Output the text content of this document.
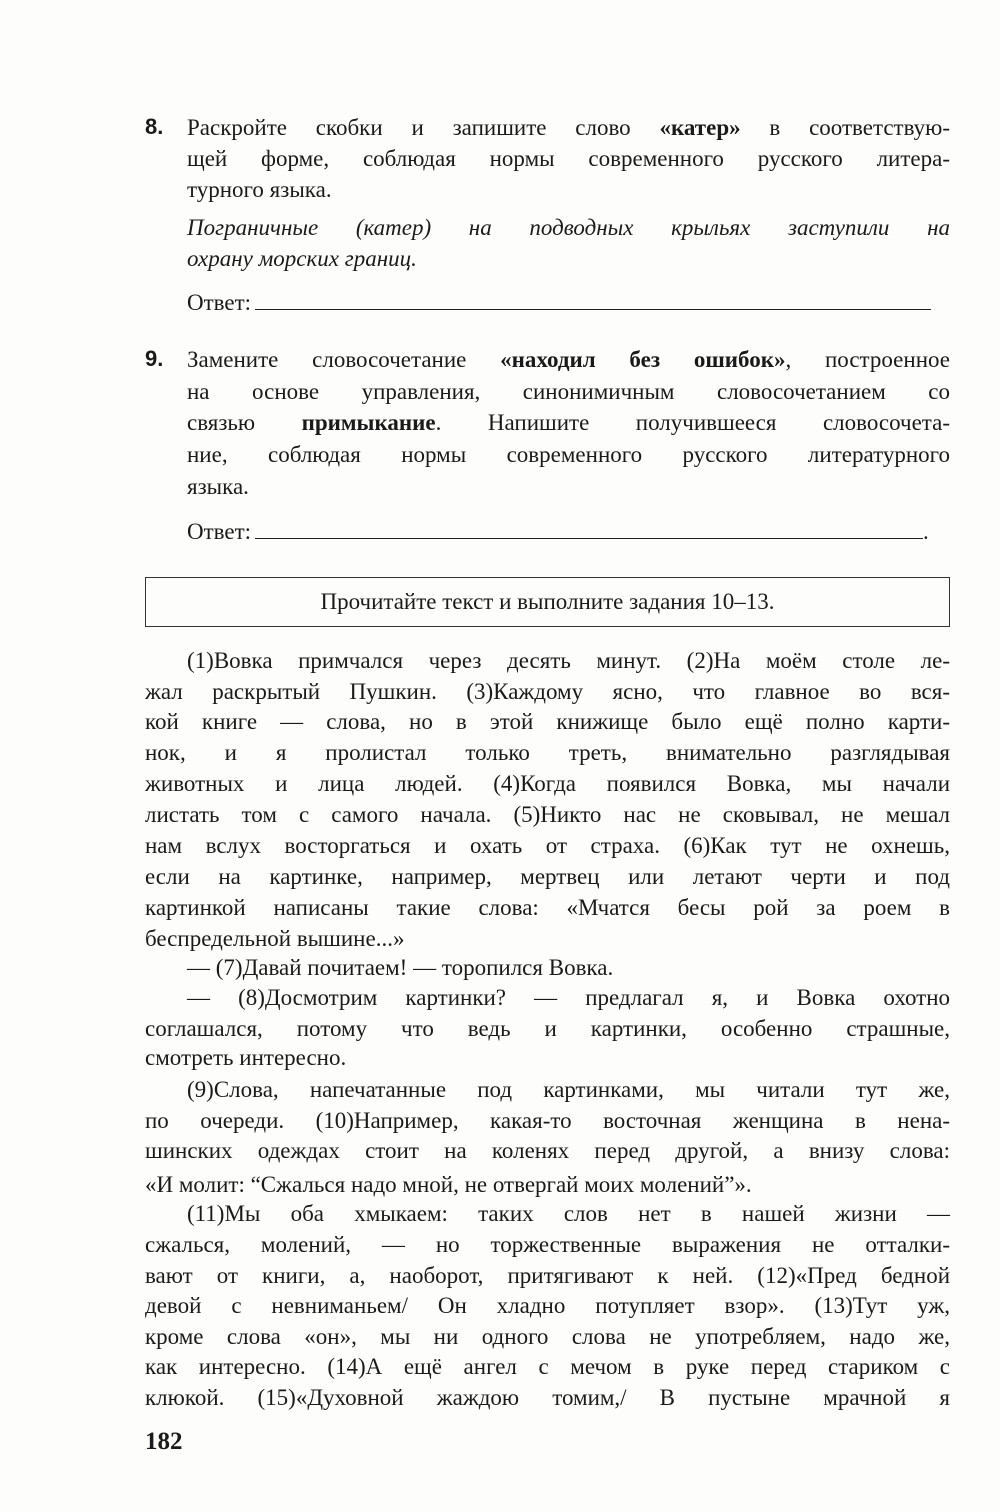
8. Раскройте скобки и запишите слово «катер» в соответствую-
щей форме, соблюдая нормы современного русского литера-
турного языка.
Пограничные (катер) на подводных крыльях заступили на
охрану морских границ.
9. Замените словосочетание «находил без ошибок», построенное
на основе управления, синонимичным словосочетанием со
связью примыкание. Напишите получившееся словосочета-
ние, соблюдая нормы современного русского литературного
языка.
Ответ:
Ответ:	.
Прочитайте текст и выполните задания 10–13.
(1)Вовка примчался через десять минут. (2)На моём столе ле-
жал раскрытый Пушкин. (3)Каждому ясно, что главное во вся-
кой книге — слова, но в этой книжище было ещё полно карти-
нок, и я пролистал только треть, внимательно разглядывая
животных и лица людей. (4)Когда появился Вовка, мы начали
листать том с самого начала. (5)Никто нас не сковывал, не мешал
нам вслух восторгаться и охать от страха. (6)Как тут не охнешь,
если на картинке, например, мертвец или летают черти и под
картинкой написаны такие слова: «Мчатся бесы рой за роем в
беспредельной вышине...»
— (7)Давай почитаем! — торопился Вовка.
— (8)Досмотрим картинки? — предлагал я, и Вовка охотно
соглашался, потому что ведь и картинки, особенно страшные,
смотреть интересно.
(9)Слова, напечатанные под картинками, мы читали тут же,
по очереди. (10)Например, какая-то восточная женщина в нена-
шинских одеждах стоит на коленях перед другой, а внизу слова:
«И молит: “Сжалься надо мной, не отвергай моих молений”».
(11)Мы оба хмыкаем: таких слов нет в нашей жизни —
сжалься, молений, — но торжественные выражения не отталки-
вают от книги, а, наоборот, притягивают к ней. (12)«Пред бедной
девой с невниманьем/ Он хладно потупляет взор». (13)Тут уж,
кроме слова «он», мы ни одного слова не употребляем, надо же,
как интересно. (14)А ещё ангел с мечом в руке перед стариком с
клюкой. (15)«Духовной жаждою томим,/ В пустыне мрачной я
182
